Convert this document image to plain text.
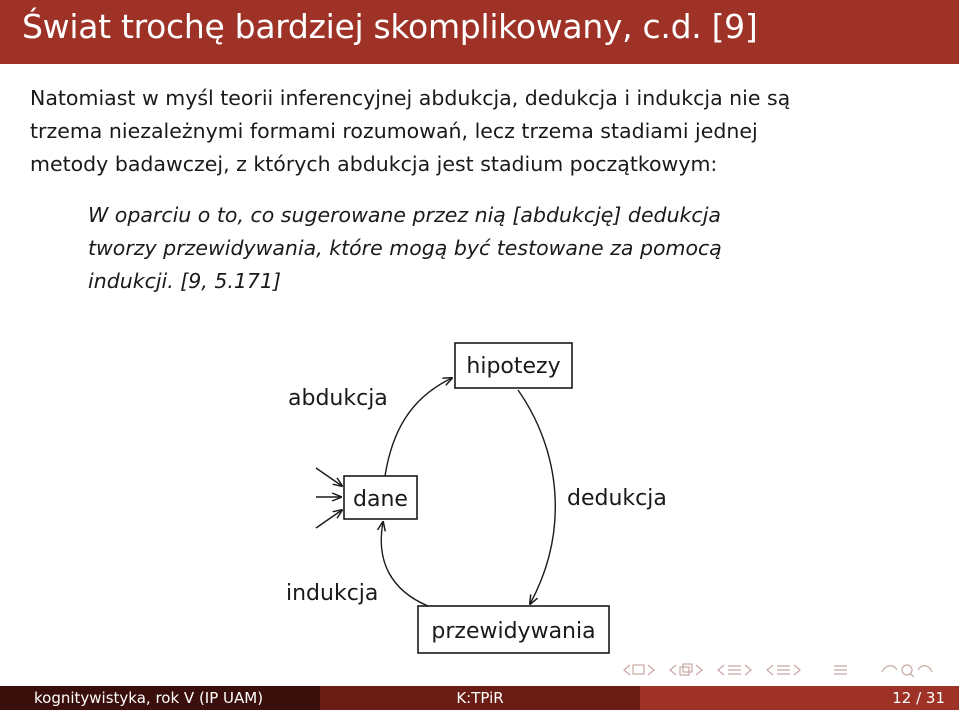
Świat trochę bardziej skomplikowany, c.d. [9]
Natomiast w myśl teorii inferencyjnej abdukcja, dedukcja i indukcja nie są
trzema niezależnymi formami rozumowań, lecz trzema stadiami jednej
metody badawczej, z których abdukcja jest stadium początkowym:
W oparciu o to, co sugerowane przez nią [abdukcję] dedukcja
tworzy przewidywania, które mogą być testowane za pomocą
indukcji. [9, 5.171]
hipotezy
dane
przewidywania
abdukcja
dedukcja
indukcja
kognitywistyka, rok V (IP UAM)	K:TPiR	12 / 31
